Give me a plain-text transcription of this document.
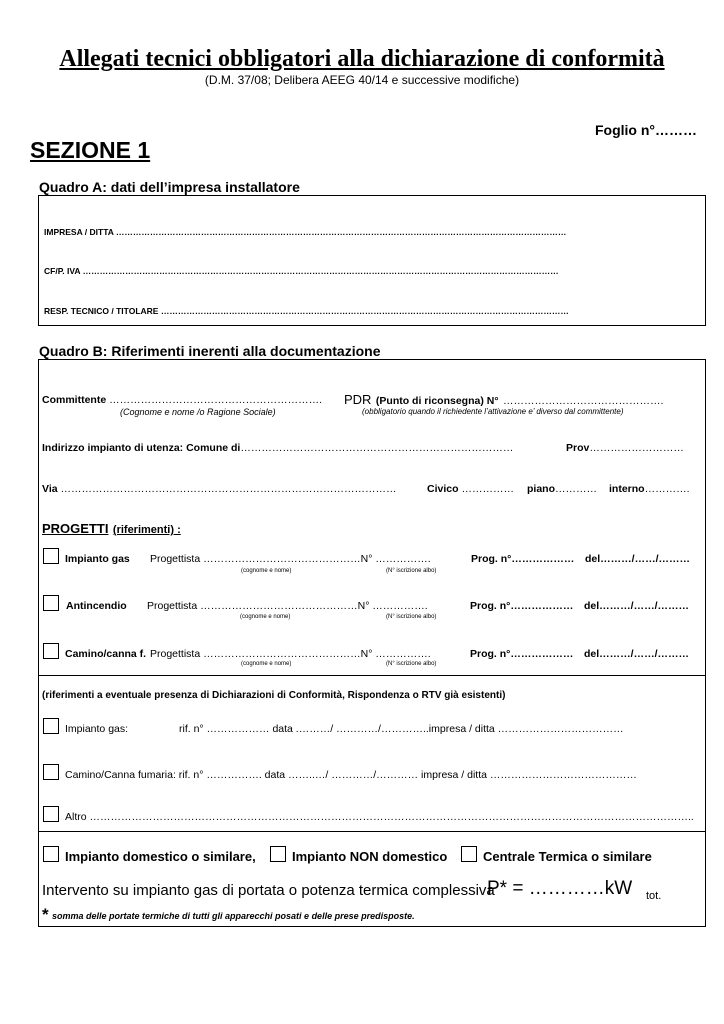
Allegati tecnici obbligatori alla dichiarazione di conformità
(D.M. 37/08; Delibera AEEG 40/14 e successive modifiche)
Foglio n°………
SEZIONE 1
Quadro A: dati dell’impresa installatore
IMPRESA / DITTA ……………………………………………………………………………………………………………………………………………
CF/P. IVA ……………………………………………………………………………………………………………………………………………………
RESP. TECNICO / TITOLARE ………………………………………………………………………………………………………………………………
Quadro B: Riferimenti inerenti alla documentazione
Committente ……………………………………………………. PDR (Punto di riconsegna) N° ……………………………………….
(Cognome e nome /o Ragione Sociale)	(obbligatorio quando il richiedente l’attivazione e’ diverso dal committente)
Indirizzo impianto di utenza: Comune di……………………………………………………………………	Prov………………………
Via ……………………………………………………………………………………	Civico …………… piano………… interno………….
PROGETTI (riferimenti) :
Impianto gas Progettista ………………………………………N° …………….	Prog. n°……………… del………/……/………
(cognome e nome)	(N° iscrizione albo)
Antincendio Progettista ………………………………………N° …………….	Prog. n°……………… del………/……/………
(cognome e nome)	(N° iscrizione albo)
Camino/canna f. Progettista ………………………………………N° …………….	Prog. n°……………… del………/……/………
(cognome e nome)	(N° iscrizione albo)
(riferimenti a eventuale presenza di Dichiarazioni di Conformità, Rispondenza o RTV già esistenti)
Impianto gas:	rif. n° ……………… data .………/ …………/…………..impresa / ditta ………………………………
Camino/Canna fumaria: rif. n° ……………. data ……..…/ …………/………… impresa / ditta ……………………………………
Altro ………………………………………………………………………………………………………………………………………………………..
Impianto domestico o similare,	Impianto NON domestico	Centrale Termica o similare
Intervento su impianto gas di portata o potenza termica complessiva
P* = …………kW tot.
* somma delle portate termiche di tutti gli apparecchi posati e delle prese predisposte.
